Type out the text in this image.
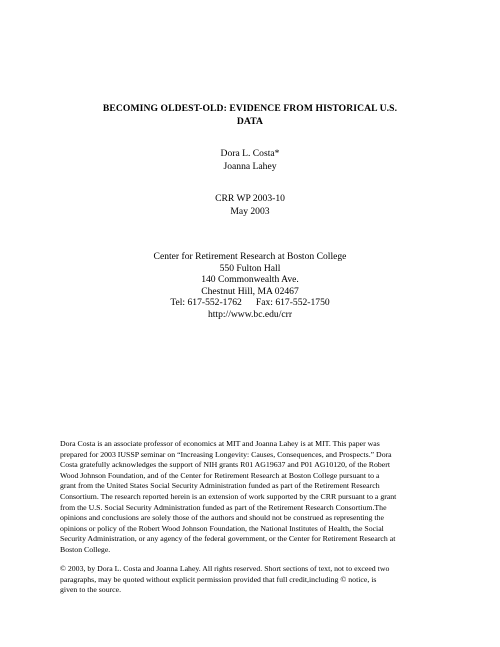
BECOMING OLDEST-OLD: EVIDENCE FROM HISTORICAL U.S.
DATA
Dora L. Costa*
Joanna Lahey
CRR WP 2003-10
May 2003
Center for Retirement Research at Boston College
550 Fulton Hall
140 Commonwealth Ave.
Chestnut Hill, MA 02467
Tel: 617-552-1762 Fax: 617-552-1750
http://www.bc.edu/crr
Dora Costa is an associate professor of economics at MIT and Joanna Lahey is at MIT. This paper was
prepared for 2003 IUSSP seminar on “Increasing Longevity: Causes, Consequences, and Prospects.” Dora
Costa gratefully acknowledges the support of NIH grants R01 AG19637 and P01 AG10120, of the Robert
Wood Johnson Foundation, and of the Center for Retirement Research at Boston College pursuant to a
grant from the United States Social Security Administration funded as part of the Retirement Research
Consortium. The research reported herein is an extension of work supported by the CRR pursuant to a grant
from the U.S. Social Security Administration funded as part of the Retirement Research Consortium.The
opinions and conclusions are solely those of the authors and should not be construed as representing the
opinions or policy of the Robert Wood Johnson Foundation, the National Institutes of Health, the Social
Security Administration, or any agency of the federal government, or the Center for Retirement Research at
Boston College.
© 2003, by Dora L. Costa and Joanna Lahey. All rights reserved. Short sections of text, not to exceed two
paragraphs, may be quoted without explicit permission provided that full credit,including © notice, is
given to the source.
